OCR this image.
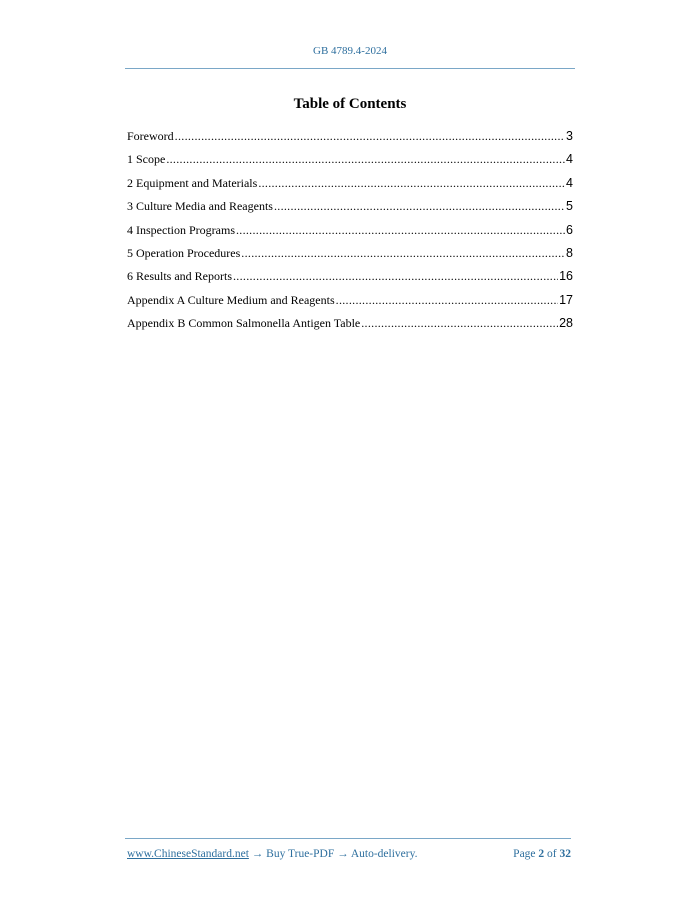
GB 4789.4-2024
Table of Contents
Foreword .....	3
1 Scope .....	4
2 Equipment and Materials .....	4
3 Culture Media and Reagents .....	5
4 Inspection Programs .....	6
5 Operation Procedures .....	8
6 Results and Reports .....	16
Appendix A Culture Medium and Reagents .....	17
Appendix B Common Salmonella Antigen Table .....	28
www.ChineseStandard.net → Buy True-PDF → Auto-delivery.	Page 2 of 32
